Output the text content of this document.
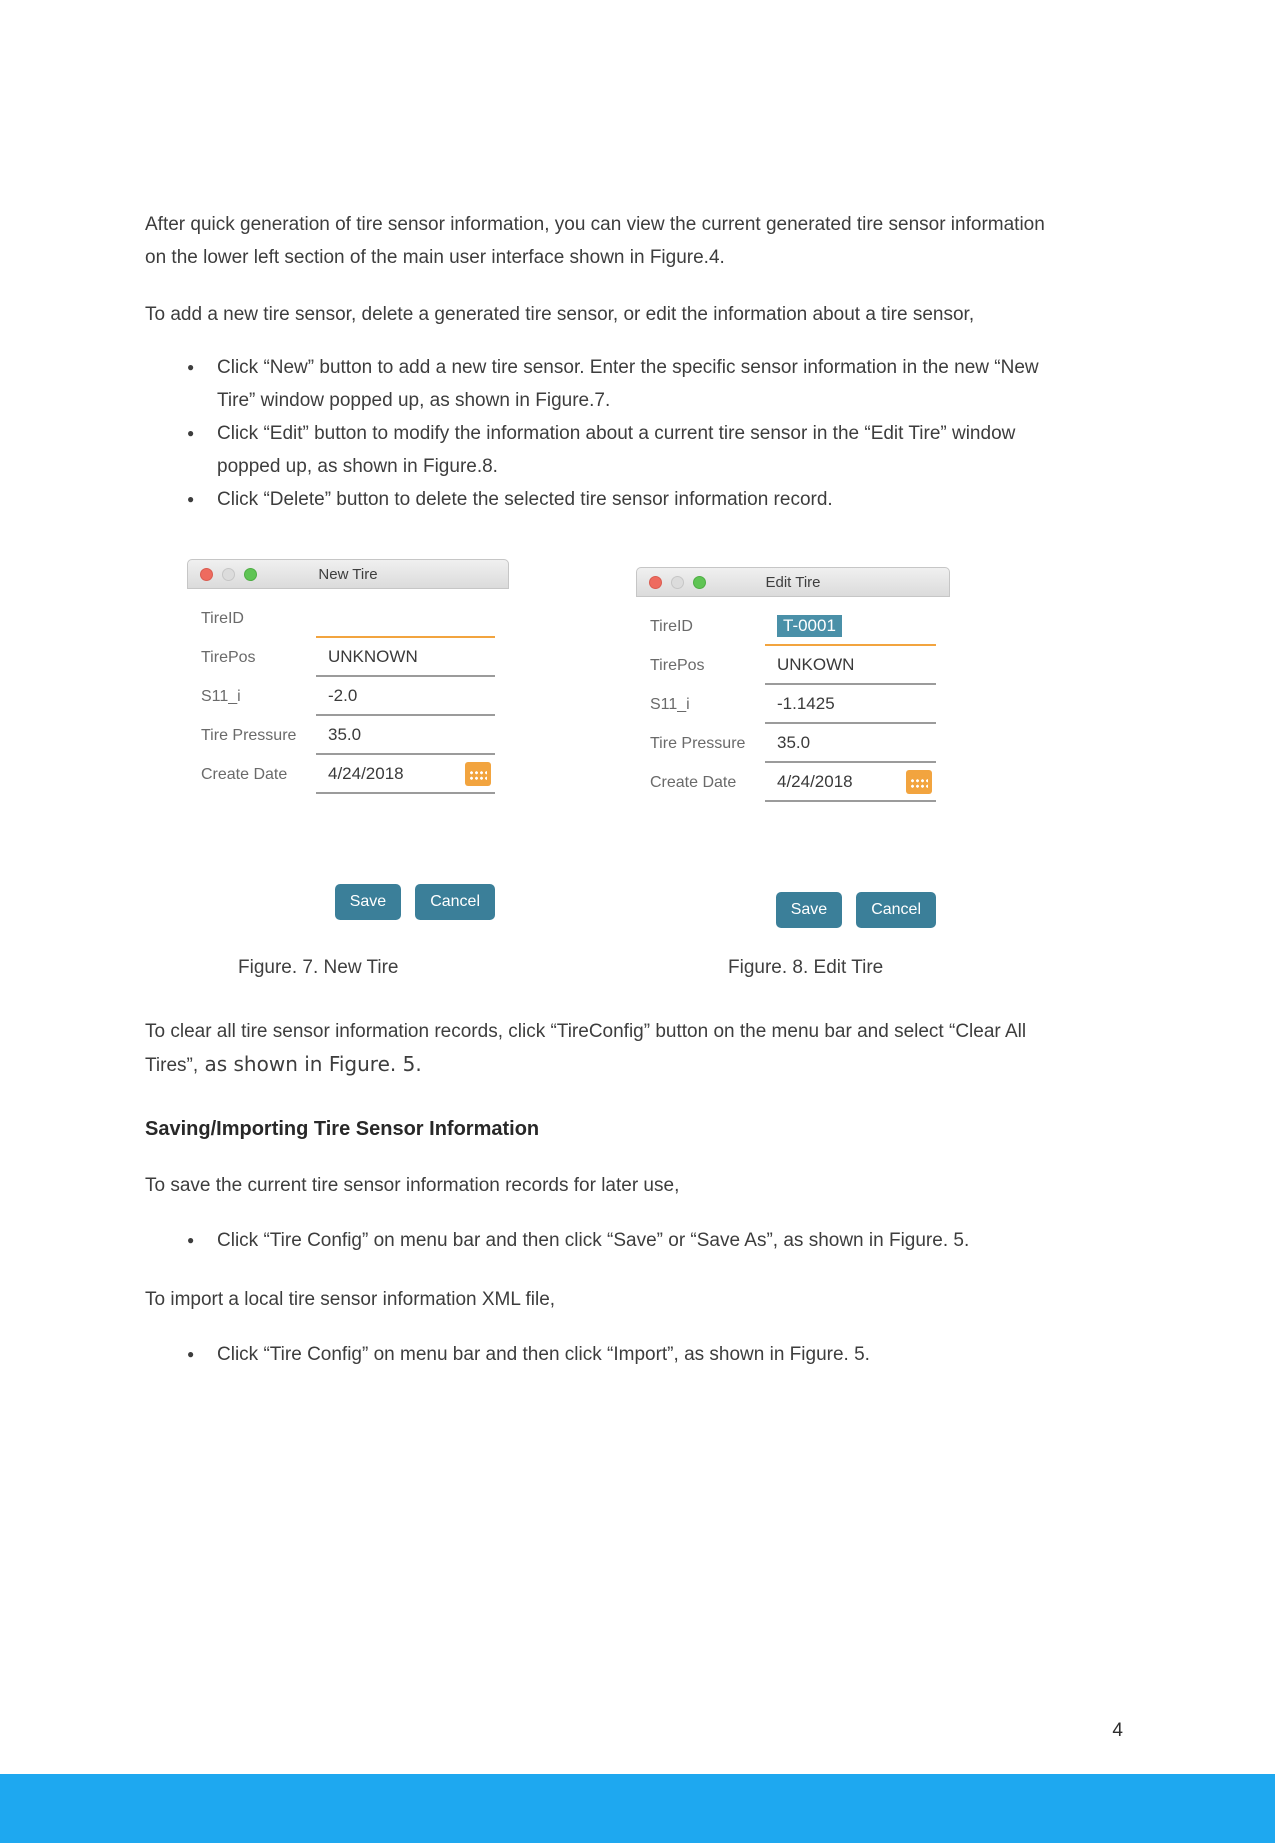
After quick generation of tire sensor information, you can view the current generated tire sensor information on the lower left section of the main user interface shown in Figure.4.

To add a new tire sensor, delete a generated tire sensor, or edit the information about a tire sensor,

● Click “New” button to add a new tire sensor. Enter the specific sensor information in the new “New Tire” window popped up, as shown in Figure.7.
● Click “Edit” button to modify the information about a current tire sensor in the “Edit Tire” window popped up, as shown in Figure.8.
● Click “Delete” button to delete the selected tire sensor information record.
New Tire
TireID
TirePos	UNKNOWN
S11_i	-2.0
Tire Pressure	35.0
Create Date	4/24/2018
Save	Cancel
Edit Tire
TireID	T-0001
TirePos	UNKOWN
S11_i	-1.1425
Tire Pressure	35.0
Create Date	4/24/2018
Save	Cancel
Figure. 7. New Tire	Figure. 8. Edit Tire

To clear all tire sensor information records, click “TireConfig” button on the menu bar and select “Clear All Tires”, as shown in Figure. 5.

Saving/Importing Tire Sensor Information

To save the current tire sensor information records for later use,

● Click “Tire Config” on menu bar and then click “Save” or “Save As”, as shown in Figure. 5.

To import a local tire sensor information XML file,

● Click “Tire Config” on menu bar and then click “Import”, as shown in Figure. 5.
4
